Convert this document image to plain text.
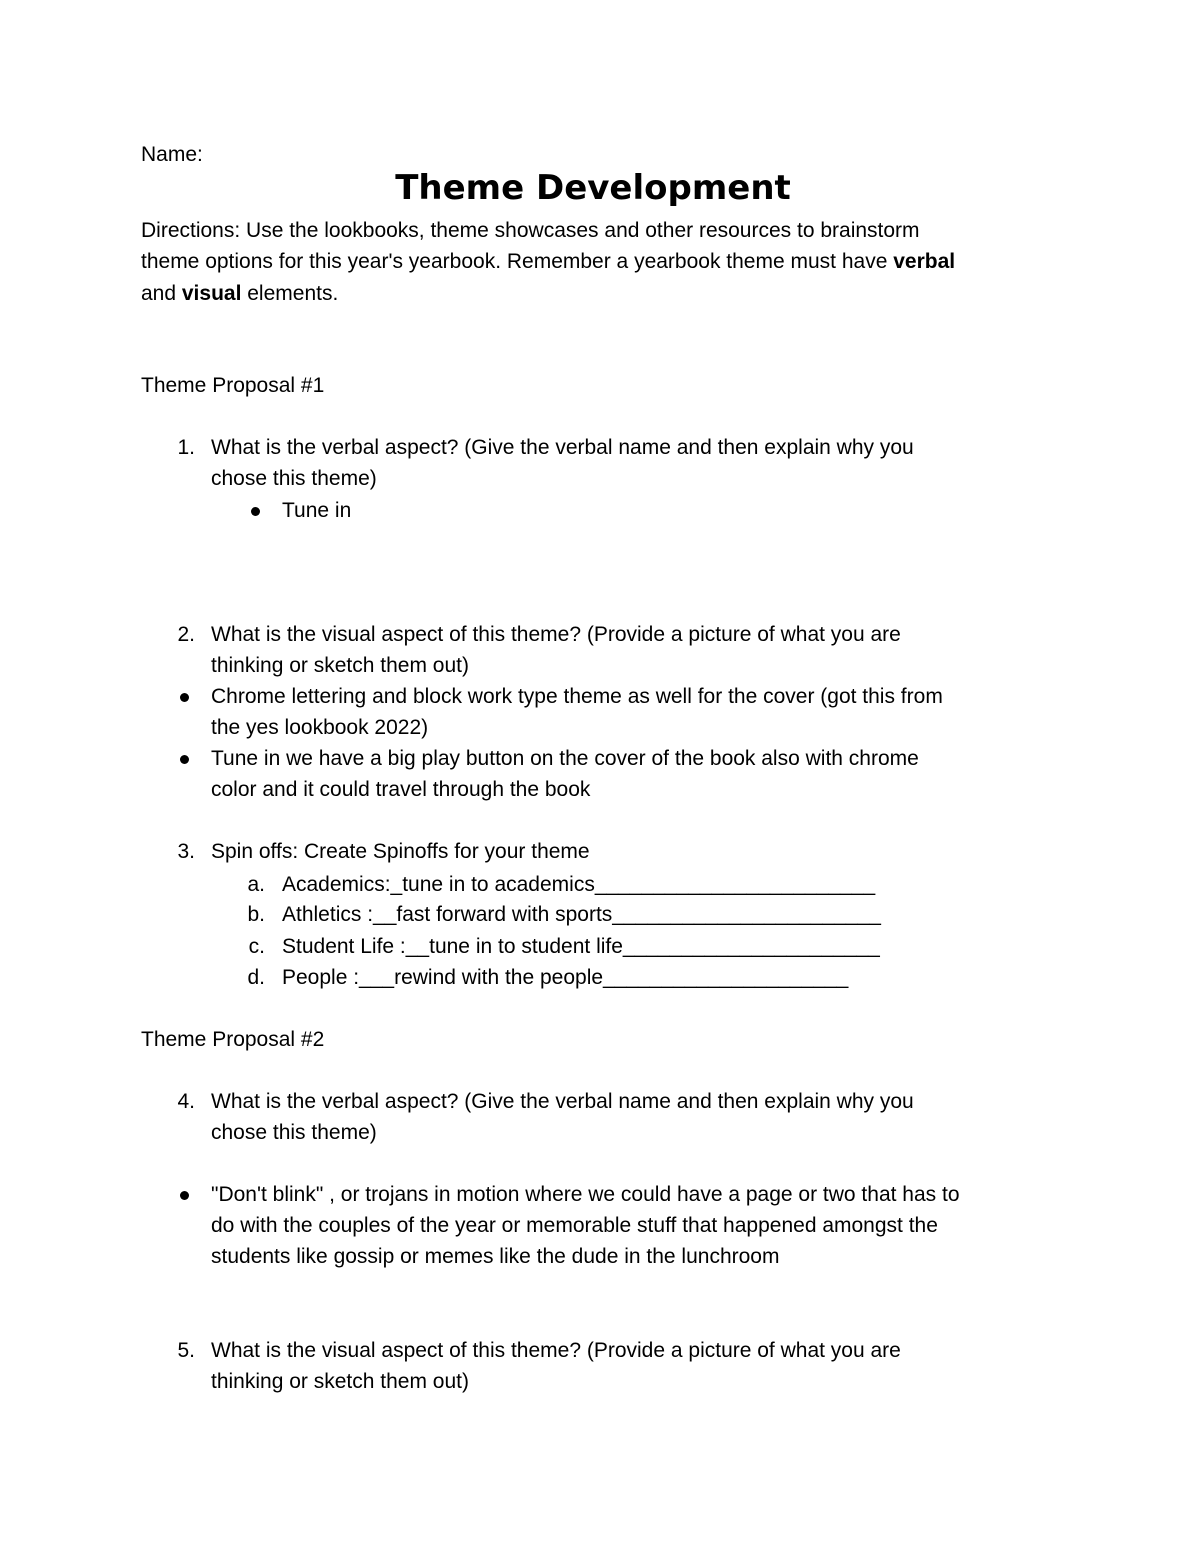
Name:
Theme Development
Directions: Use the lookbooks, theme showcases and other resources to brainstorm
theme options for this year's yearbook. Remember a yearbook theme must have verbal
and visual elements.
Theme Proposal #1
1. What is the verbal aspect? (Give the verbal name and then explain why you
chose this theme)
Tune in
2. What is the visual aspect of this theme? (Provide a picture of what you are
thinking or sketch them out)
Chrome lettering and block work type theme as well for the cover (got this from
the yes lookbook 2022)
Tune in we have a big play button on the cover of the book also with chrome
color and it could travel through the book
3. Spin offs: Create Spinoffs for your theme
a. Academics:_tune in to academics________________________
b. Athletics :__fast forward with sports_______________________
c. Student Life :__tune in to student life______________________
d. People :___rewind with the people_____________________
Theme Proposal #2
4. What is the verbal aspect? (Give the verbal name and then explain why you
chose this theme)
"Don't blink" , or trojans in motion where we could have a page or two that has to
do with the couples of the year or memorable stuff that happened amongst the
students like gossip or memes like the dude in the lunchroom
5. What is the visual aspect of this theme? (Provide a picture of what you are
thinking or sketch them out)
